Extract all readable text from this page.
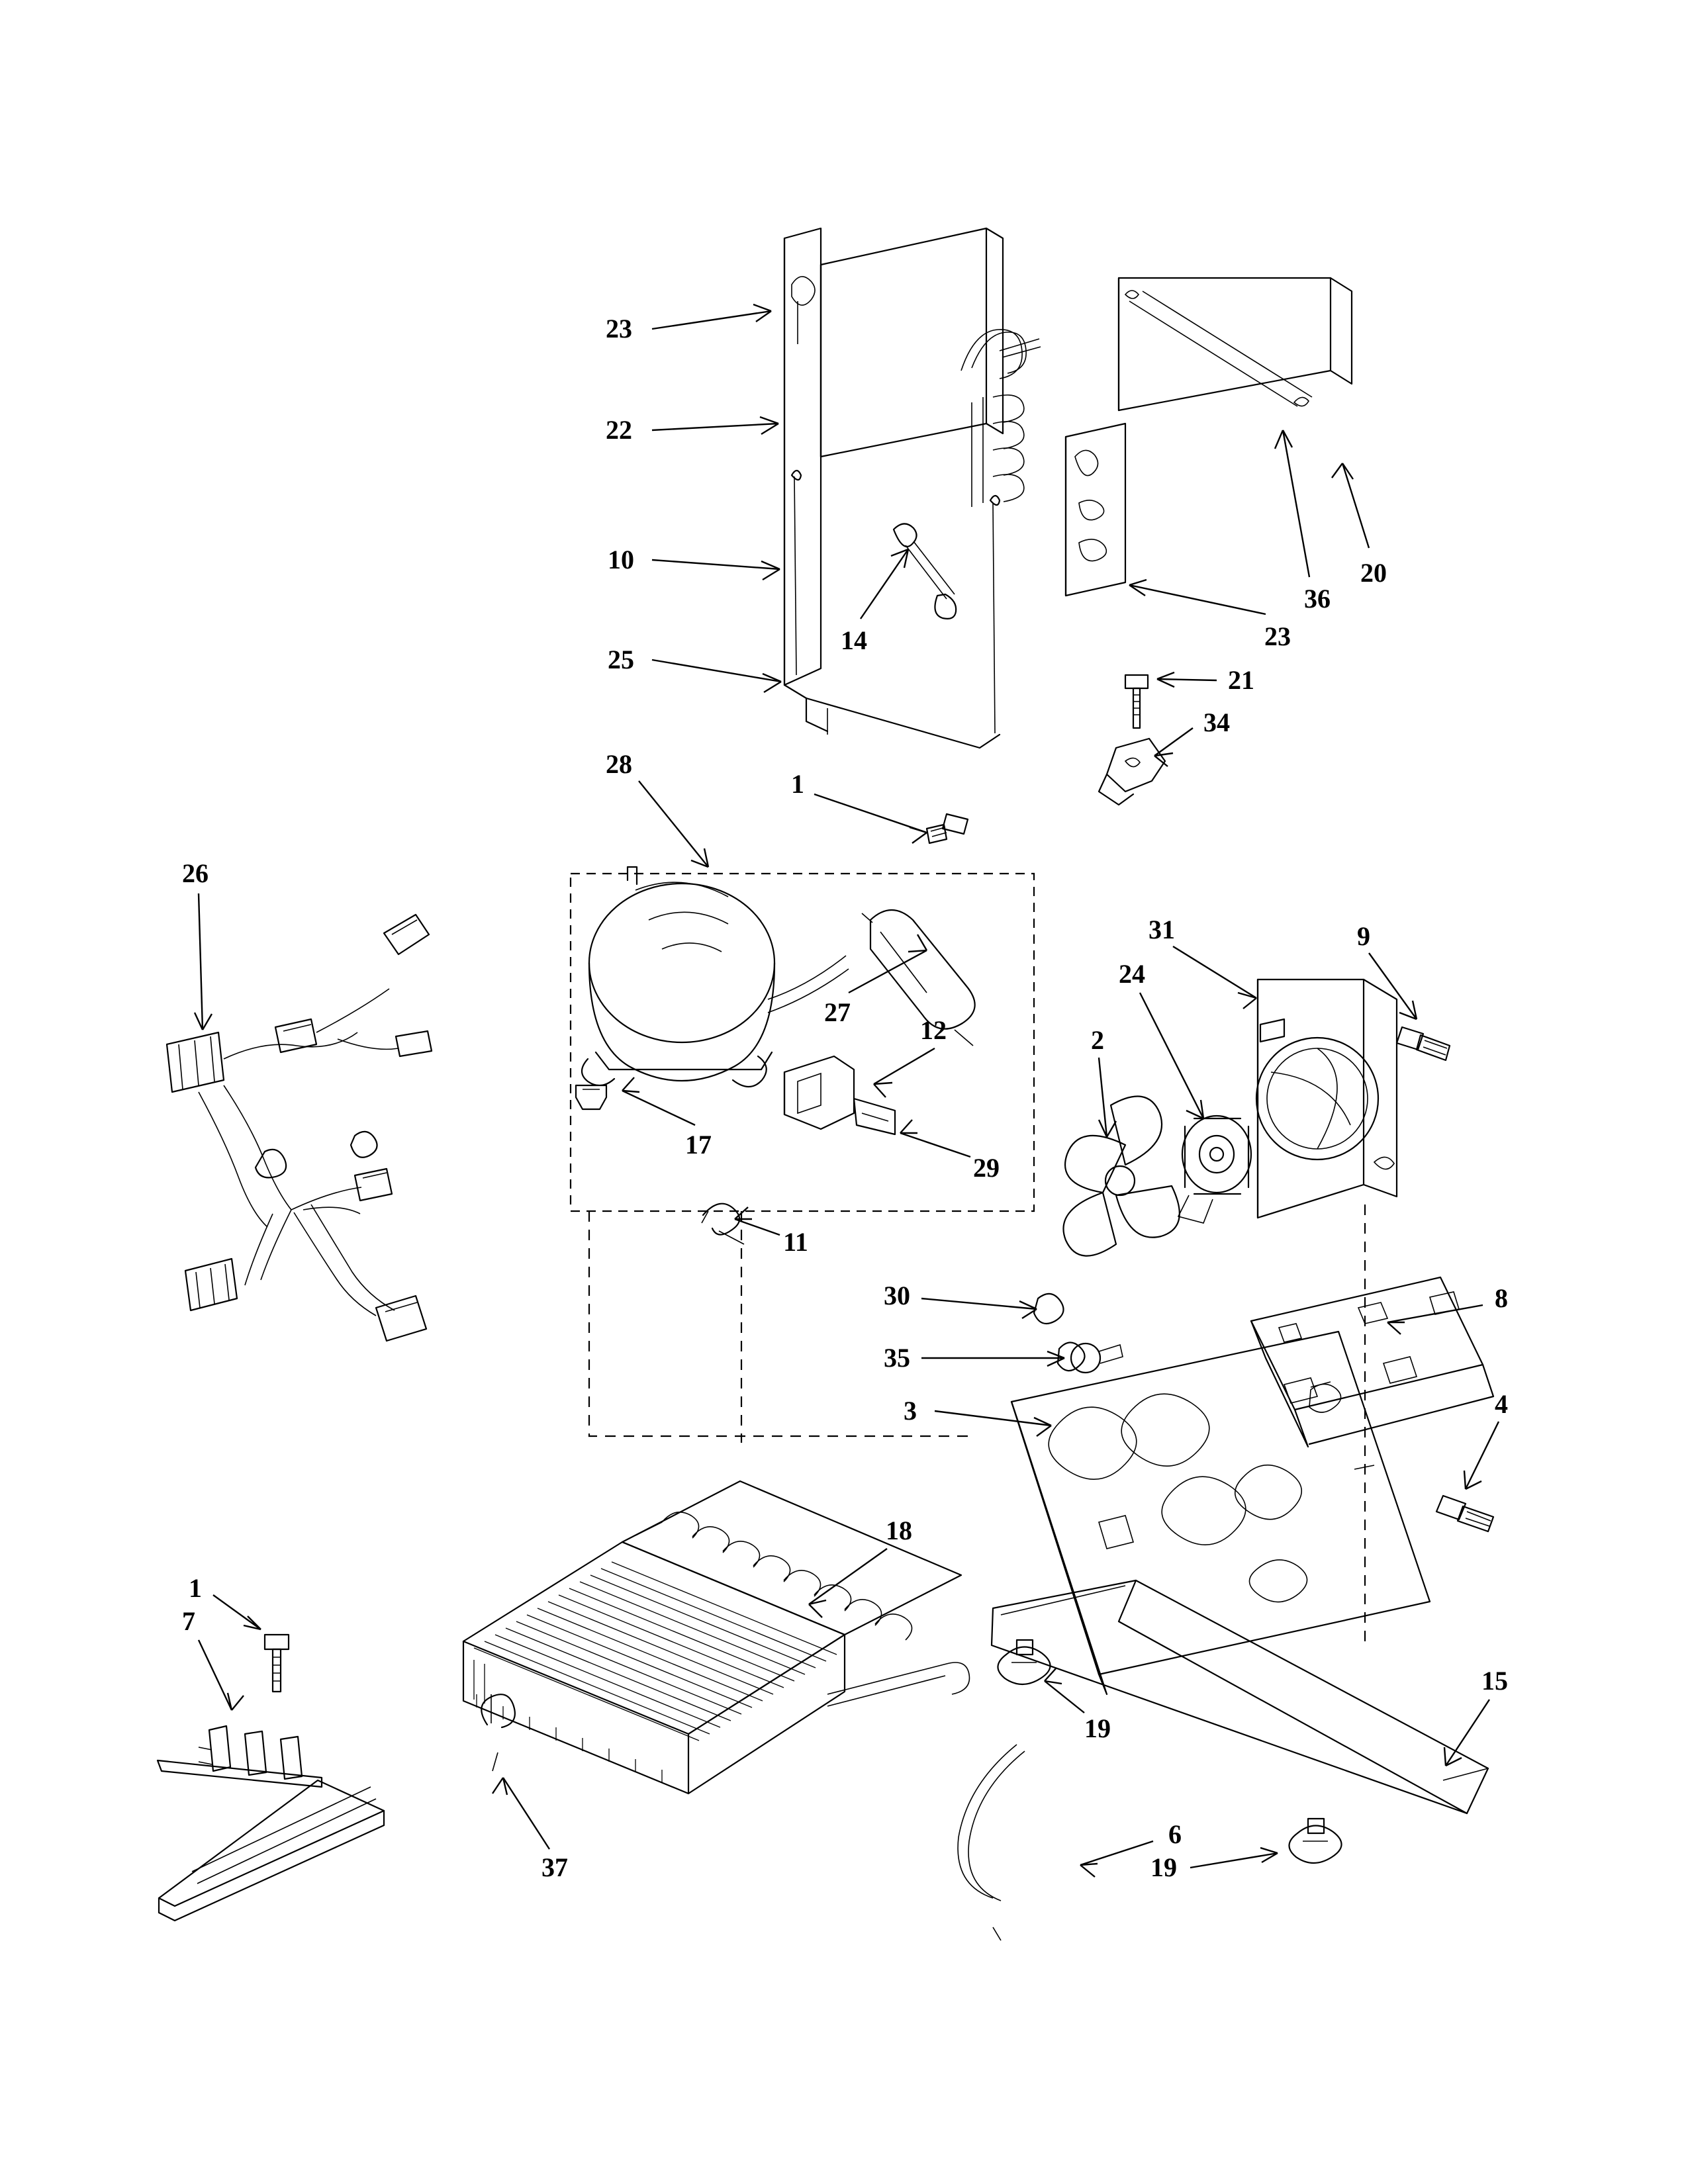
23
22
10
14
25
20
36
23
21
34
28
1
26
31	9
24
27
12	2
17
29
11
30	8
35
3	4
18
1
7
15
19
37
6
19
